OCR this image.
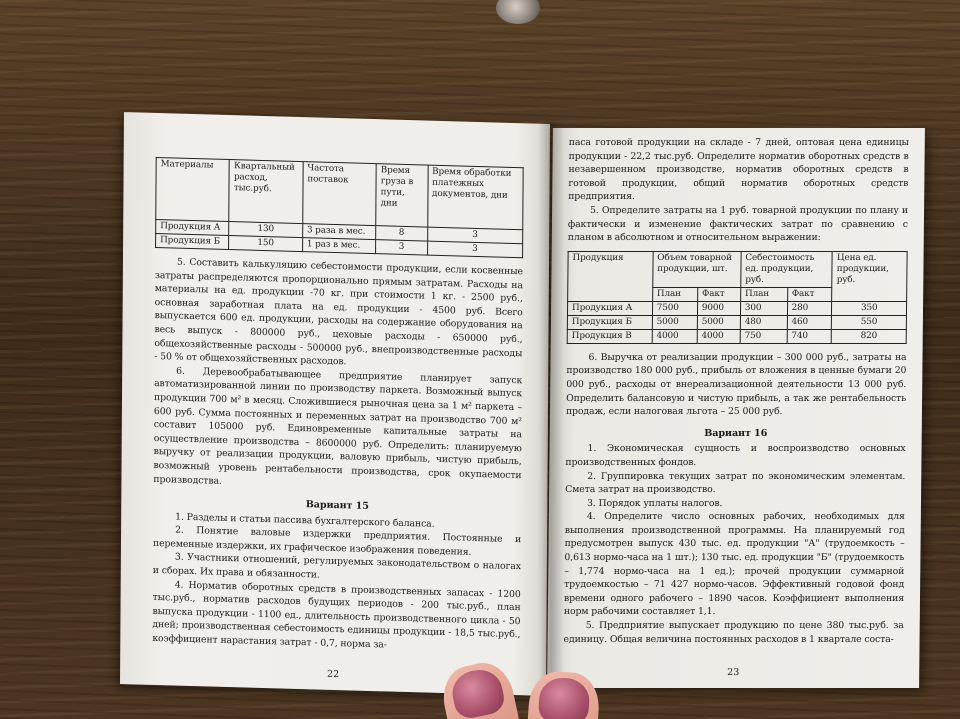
Материалы	Квартальный расход, тыс.руб.	Частота поставок	Время груза в пути, дни	Время обработки платежных документов, дни
Продукция А	130	3 раза в мес.	8	3
Продукция Б	150	1 раз в мес.	3	3

5. Составить калькуляцию себестоимости продукции, если косвенные затраты распределяются пропорционально прямым затратам. Расходы на материалы на ед. продукции -70 кг. при стоимости 1 кг. - 2500 руб., основная заработная плата на ед. продукции - 4500 руб. Всего выпускается 600 ед. продукции, расходы на содержание оборудования на весь выпуск - 800000 руб., цеховые расходы - 650000 руб., общехозяйственные расходы - 500000 руб., внепроизводственные расходы - 50 % от общехозяйственных расходов.

6. Деревообрабатывающее предприятие планирует запуск автоматизированной линии по производству паркета. Возможный выпуск продукции 700 м² в месяц. Сложившиеся рыночная цена за 1 м² паркета – 600 руб. Сумма постоянных и переменных затрат на производство 700 м² составит 105000 руб. Единовременные капитальные затраты на осуществление производства – 8600000 руб. Определить: планируемую выручку от реализации продукции, валовую прибыль, чистую прибыль, возможный уровень рентабельности производства, срок окупаемости производства.

Вариант 15

1. Разделы и статьи пассива бухгалтерского баланса.

2. Понятие валовые издержки предприятия. Постоянные и переменные издержки, их графическое изображения поведения.

3. Участники отношений, регулируемых законодательством о налогах и сборах. Их права и обязанности.

4. Норматив оборотных средств в производственных запасах - 1200 тыс.руб., норматив расходов будущих периодов - 200 тыс.руб., план выпуска продукции - 1100 ед., длительность производственного цикла - 50 дней; производственная себестоимость единицы продукции - 18,5 тыс.руб., коэффициент нарастания затрат - 0,7, норма за-

22

паса готовой продукции на складе - 7 дней, оптовая цена единицы продукции - 22,2 тыс.руб. Определите норматив оборотных средств в незавершенном производстве, норматив оборотных средств в готовой продукции, общий норматив оборотных средств предприятия.

5. Определите затраты на 1 руб. товарной продукции по плану и фактически и изменение фактических затрат по сравнению с планом в абсолютном и относительном выражении:

Продукция	Объем товарной продукции, шт.		Себестоимость ед. продукции, руб.		Цена ед. продукции, руб.
	План	Факт	План	Факт	
Продукция А	7500	9000	300	280	350
Продукция Б	5000	5000	480	460	550
Продукция В	4000	4000	750	740	820

6. Выручка от реализации продукции – 300 000 руб., затраты на производство 180 000 руб., прибыль от вложения в ценные бумаги 20 000 руб., расходы от внереализационной деятельности 13 000 руб. Определить балансовую и чистую прибыль, а так же рентабельность продаж, если налоговая льгота – 25 000 руб.

Вариант 16

1. Экономическая сущность и воспроизводство основных производственных фондов.

2. Группировка текущих затрат по экономическим элементам. Смета затрат на производство.

3. Порядок уплаты налогов.

4. Определите число основных рабочих, необходимых для выполнения производственной программы. На планируемый год предусмотрен выпуск 430 тыс. ед. продукции "А" (трудоемкость – 0,613 нормо-часа на 1 шт.); 130 тыс. ед. продукции "Б" (трудоемкость – 1,774 нормо-часа на 1 ед.); прочей продукции суммарной трудоемкостью – 71 427 нормо-часов. Эффективный годовой фонд времени одного рабочего – 1890 часов. Коэффициент выполнения норм рабочими составляет 1,1.

5. Предприятие выпускает продукцию по цене 380 тыс.руб. за единицу. Общая величина постоянных расходов в 1 квартале соста-

23
